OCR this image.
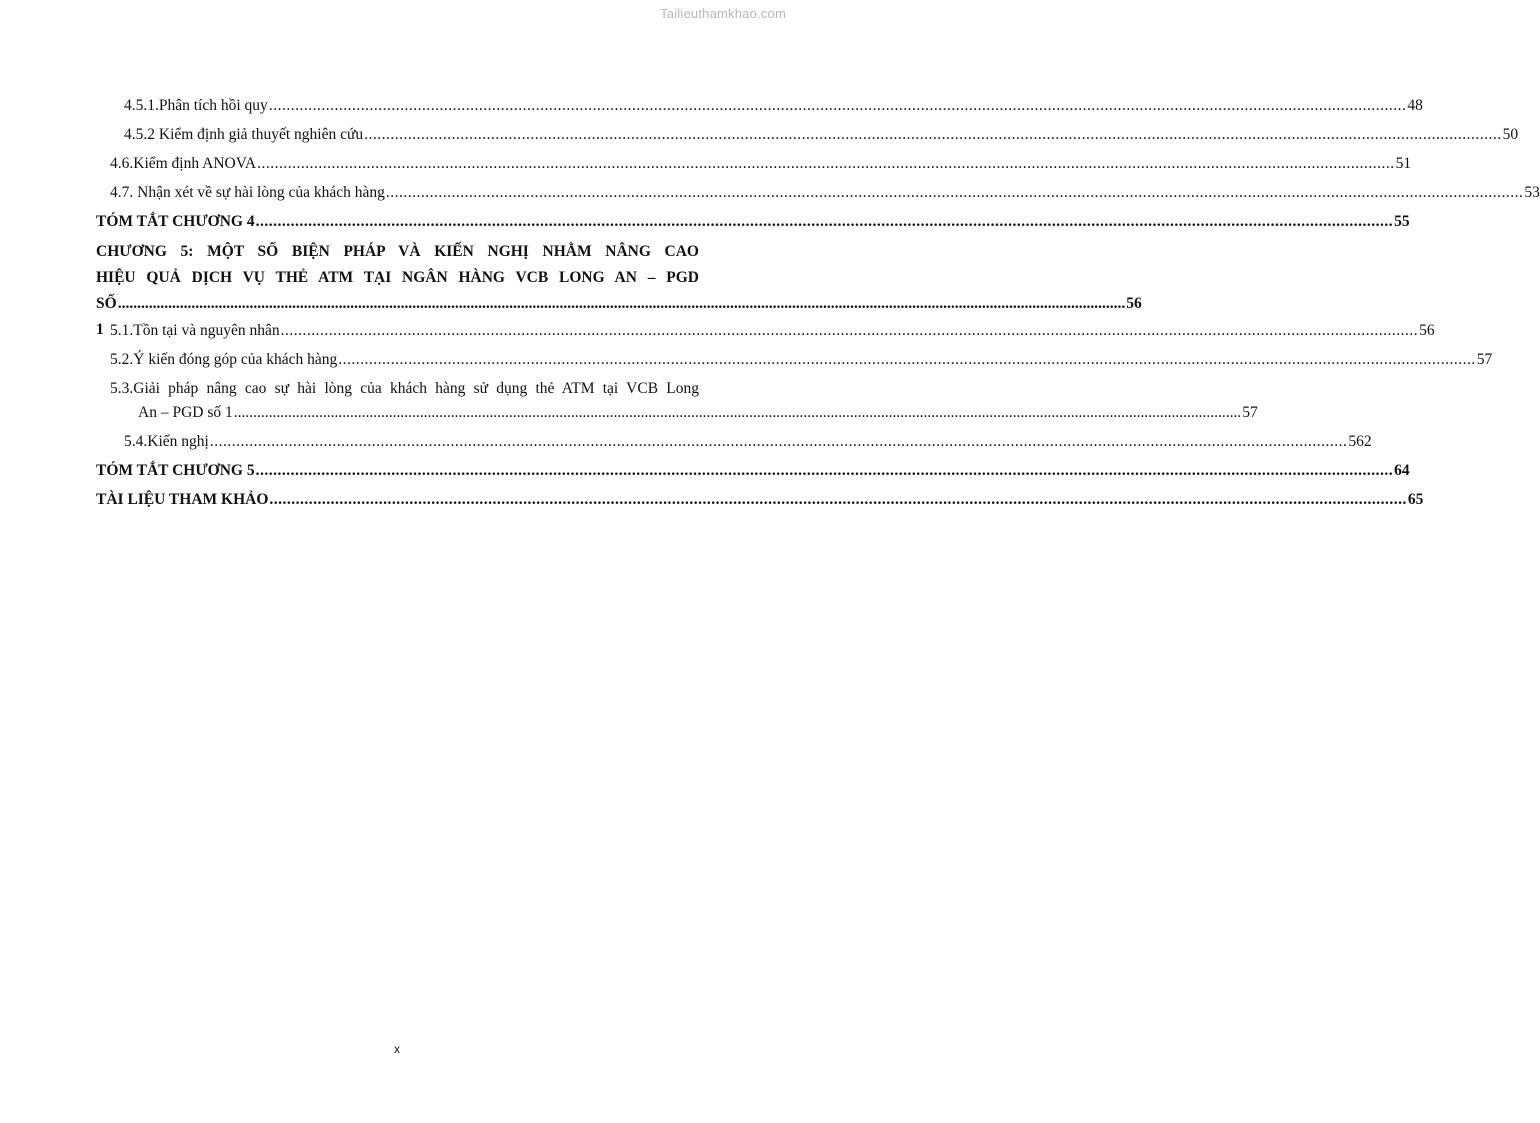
Tailieuthamkhao.com
4.5.1.Phân tích hồi quy .................................................................................................................................................................................................................................................................... 48
4.5.2 Kiểm định giả thuyết nghiên cứu .................................................................................................................................................................................................................................................................... 50
4.6.Kiểm định ANOVA .................................................................................................................................................................................................................................................................... 51
4.7. Nhận xét về sự hài lòng của khách hàng .................................................................................................................................................................................................................................................................... 53
TÓM TẮT CHƯƠNG 4 .................................................................................................................................................................................................................................................................... 55
CHƯƠNG 5: MỘT SỐ BIỆN PHÁP VÀ KIẾN NGHỊ NHẰM NÂNG CAO
HIỆU QUẢ DỊCH VỤ THẺ ATM TẠI NGÂN HÀNG VCB LONG AN – PGD
SỐ 1
.................................................................................................................................................................................................................................................................... 56
5.1.Tồn tại và nguyên nhân .................................................................................................................................................................................................................................................................... 56
5.2.Ý kiến đóng góp của khách hàng .................................................................................................................................................................................................................................................................... 57
5.3.Giải pháp nâng cao sự hài lòng của khách hàng sử dụng thẻ ATM tại VCB Long
An – PGD số 1 .................................................................................................................................................................................................................................................................... 57
5.4.Kiến nghị .................................................................................................................................................................................................................................................................... 562
TÓM TẮT CHƯƠNG 5 .................................................................................................................................................................................................................................................................... 64
TÀI LIỆU THAM KHẢO .................................................................................................................................................................................................................................................................... 65
x
